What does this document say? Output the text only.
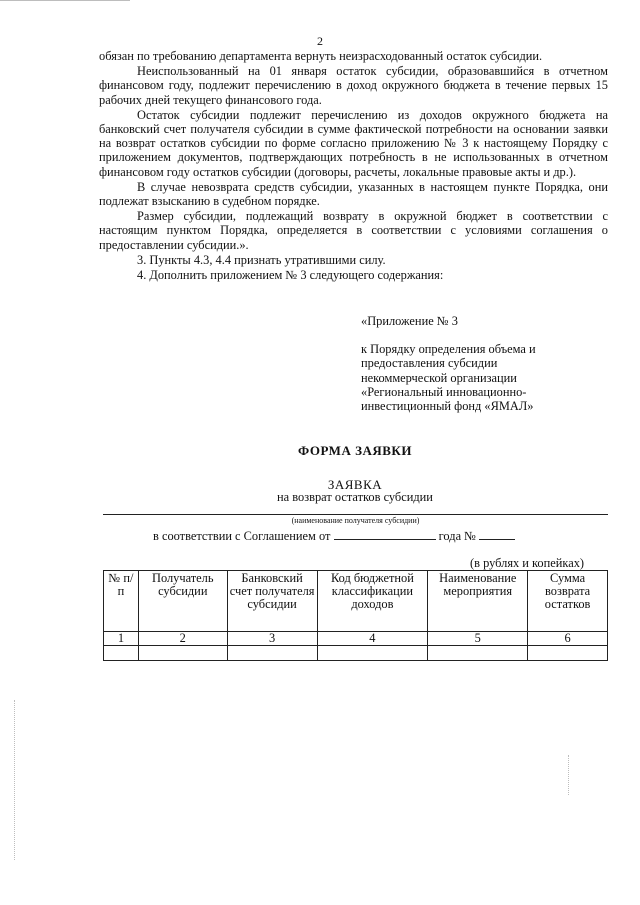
2

обязан по требованию департамента вернуть неизрасходованный остаток субсидии.

Неиспользованный на 01 января остаток субсидии, образовавшийся в отчетном финансовом году, подлежит перечислению в доход окружного бюджета в течение первых 15 рабочих дней текущего финансового года.

Остаток субсидии подлежит перечислению из доходов окружного бюджета на банковский счет получателя субсидии в сумме фактической потребности на основании заявки на возврат остатков субсидии по форме согласно приложению № 3 к настоящему Порядку с приложением документов, подтверждающих потребность в не использованных в отчетном финансовом году остатков субсидии (договоры, расчеты, локальные правовые акты и др.).

В случае невозврата средств субсидии, указанных в настоящем пункте Порядка, они подлежат взысканию в судебном порядке.

Размер субсидии, подлежащий возврату в окружной бюджет в соответствии с настоящим пунктом Порядка, определяется в соответствии с условиями соглашения о предоставлении субсидии.».

3. Пункты 4.3, 4.4 признать утратившими силу.

4. Дополнить приложением № 3 следующего содержания:

«Приложение № 3
к Порядку определения объема и
предоставления субсидии
некоммерческой организации
«Региональный инновационно-
инвестиционный фонд «ЯМАЛ»
ФОРМА ЗАЯВКИ
ЗАЯВКА
на возврат остатков субсидии
(наименование получателя субсидии)
в соответствии с Соглашением от	года №
(в рублях и копейках)
№ п/п	Получатель субсидии	Банковский счет получателя субсидии	Код бюджетной классификации доходов	Наименование мероприятия	Сумма возврата остатков
1	2	3	4	5	6
